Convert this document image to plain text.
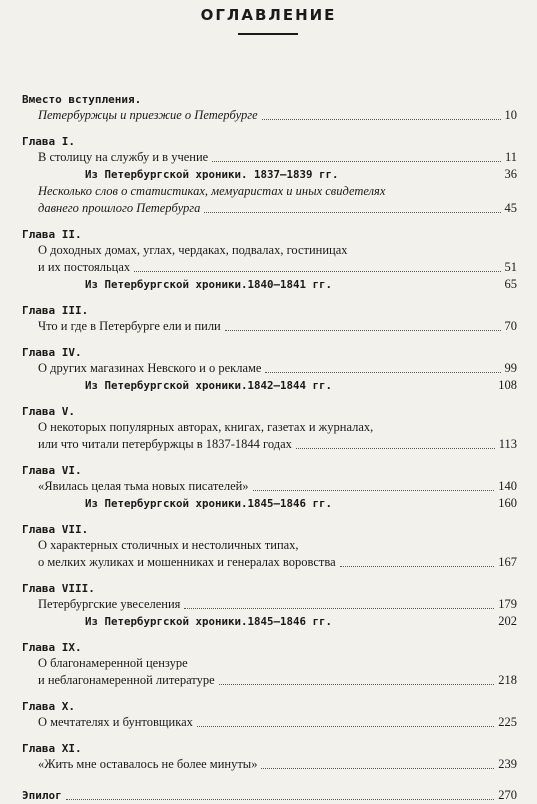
ОГЛАВЛЕНИЕ
Вместо вступления.
Петербуржцы и приезжие о Петербурге	10
Глава I.
В столицу на службу и в учение	11
Из Петербургской хроники. 1837—1839 гг.	36
Несколько слов о статистиках, мемуаристах и иных свидетелях
давнего прошлого Петербурга	45
Глава II.
О доходных домах, углах, чердаках, подвалах, гостиницах
и их постояльцах	51
Из Петербургской хроники.1840—1841 гг.	65
Глава III.
Что и где в Петербурге ели и пили	70
Глава IV.
О других магазинах Невского и о рекламе	99
Из Петербургской хроники.1842—1844 гг.	108
Глава V.
О некоторых популярных авторах, книгах, газетах и журналах,
или что читали петербуржцы в 1837-1844 годах	113
Глава VI.
«Явилась целая тьма новых писателей»	140
Из Петербургской хроники.1845—1846 гг.	160
Глава VII.
О характерных столичных и нестоличных типах,
о мелких жуликах и мошенниках и генералах воровства	167
Глава VIII.
Петербургские увеселения	179
Из Петербургской хроники.1845—1846 гг.	202
Глава IX.
О благонамеренной цензуре
и неблагонамеренной литературе	218
Глава X.
О мечтателях и бунтовщиках	225
Глава XI.
«Жить мне оставалось не более минуты»	239
Эпилог	270
